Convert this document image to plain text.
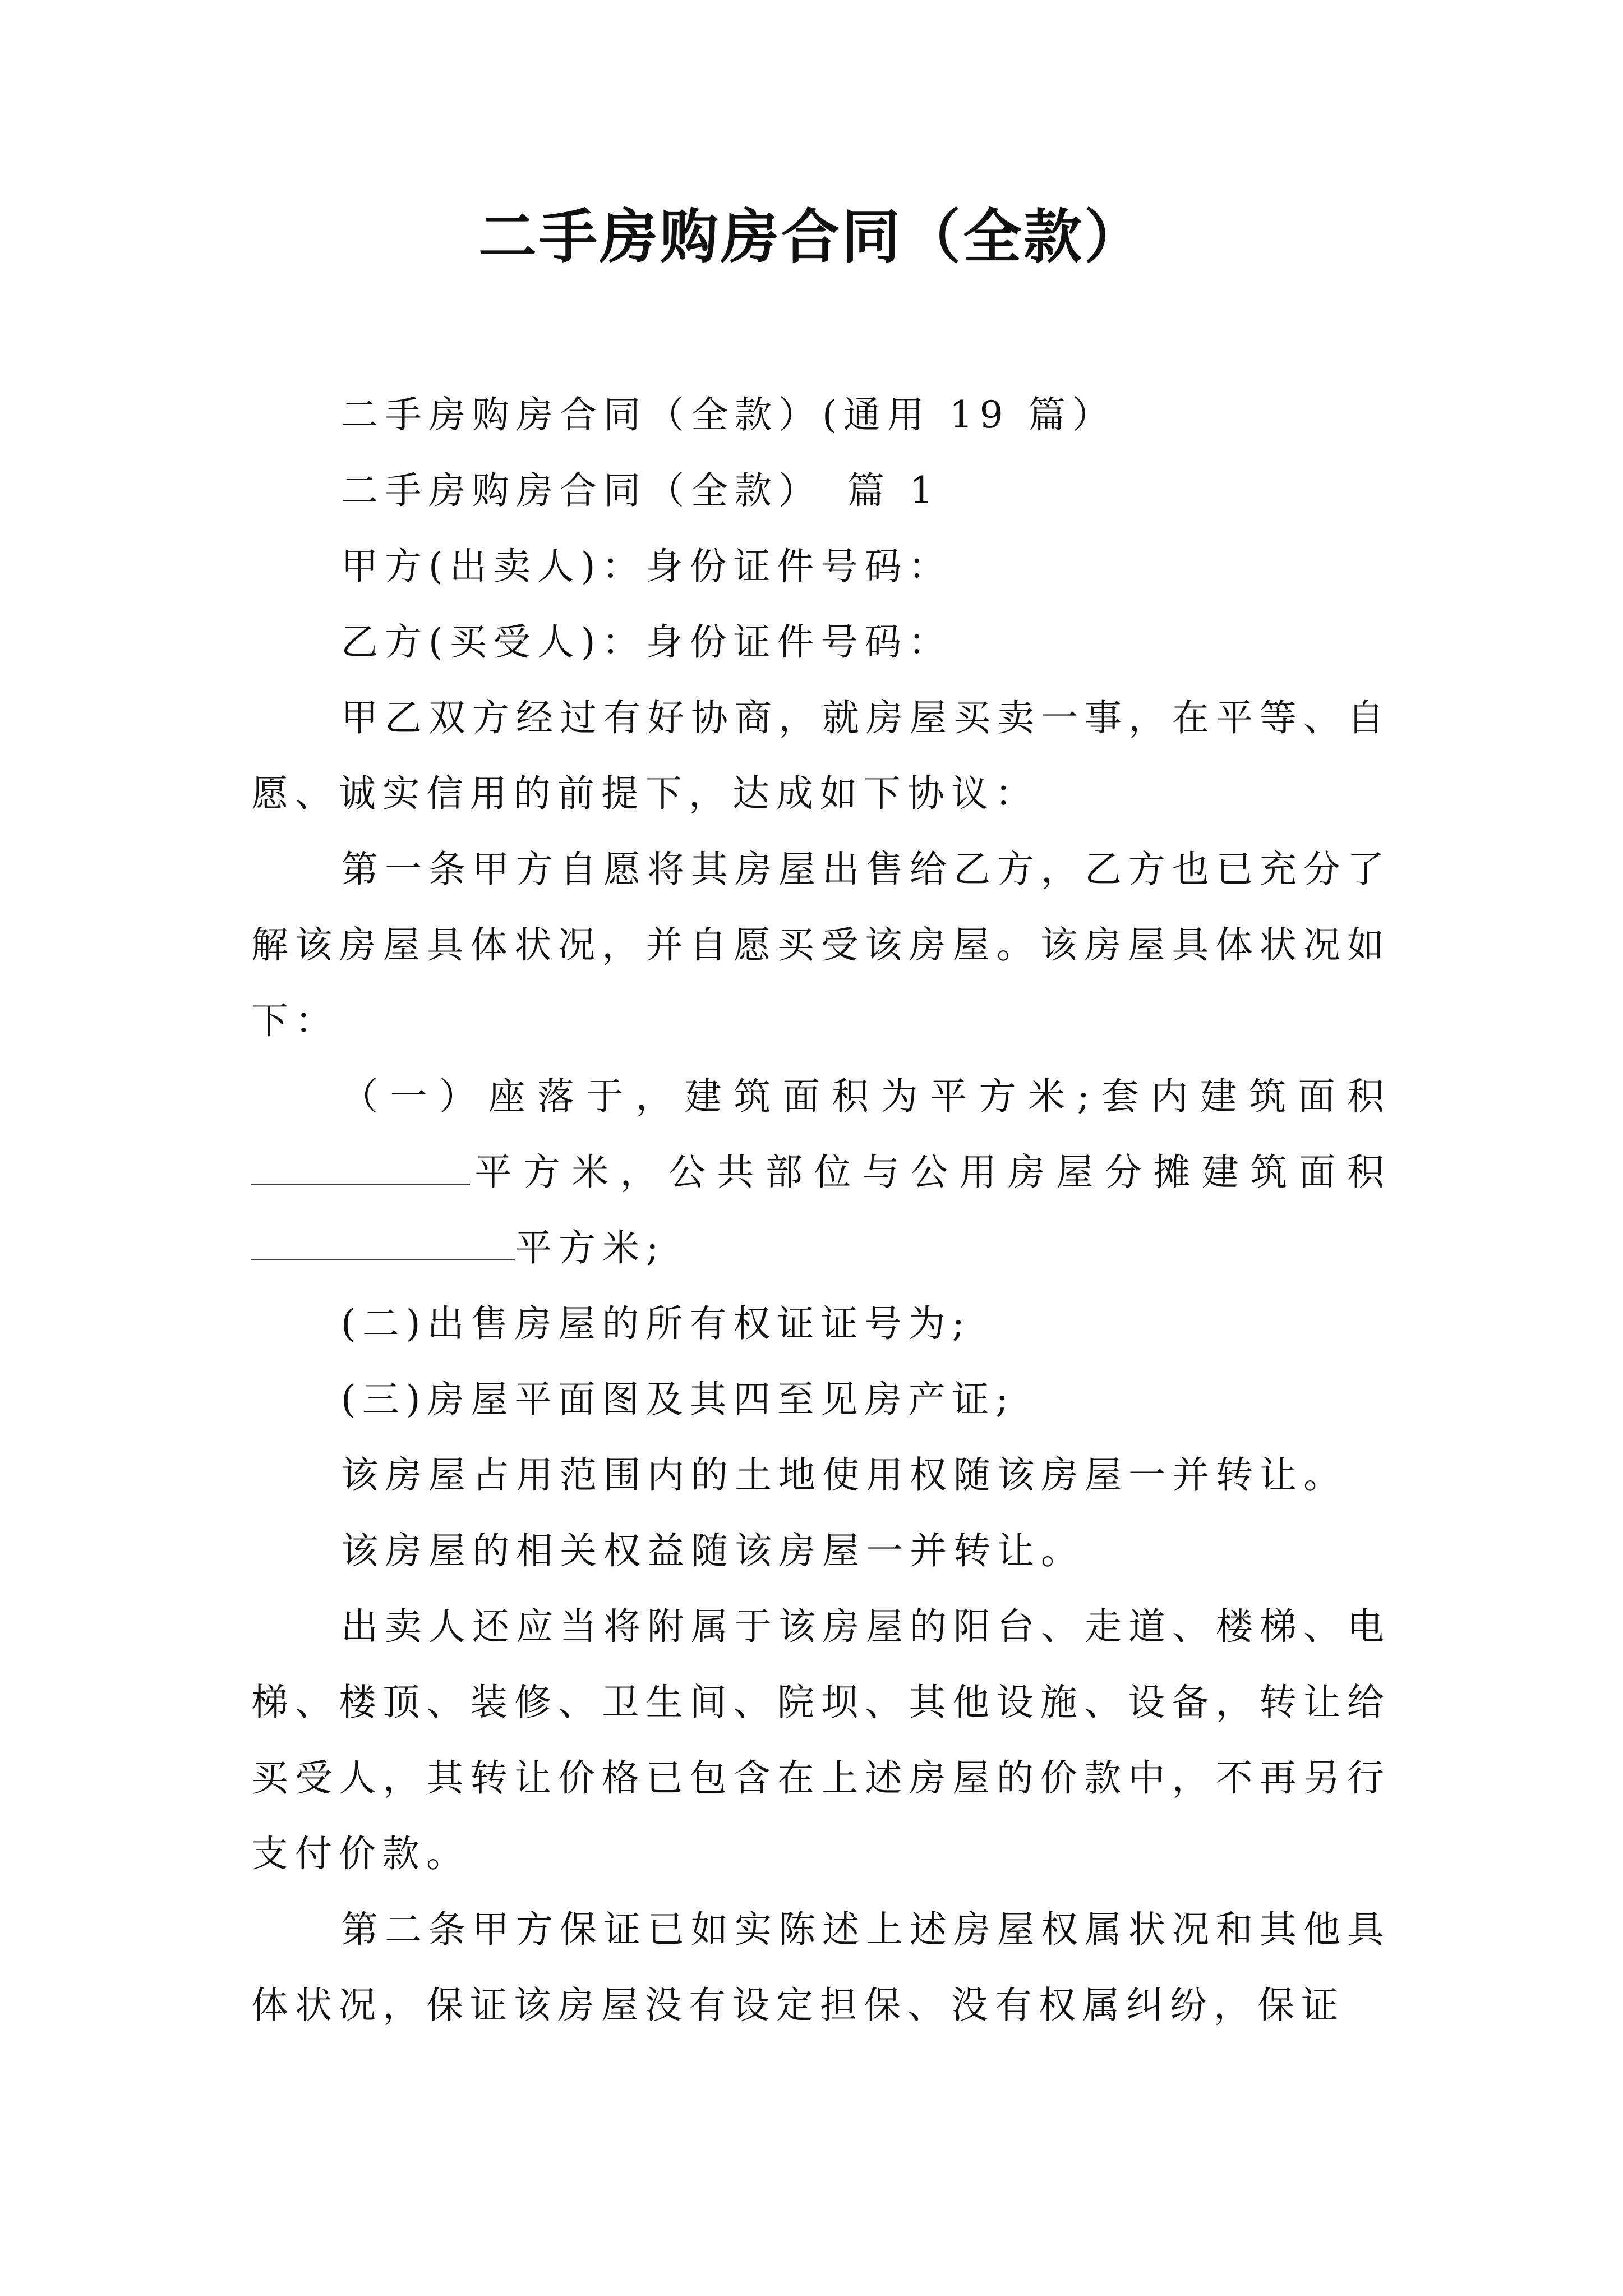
二手房购房合同（全款）

二手房购房合同（全款）(通用 19 篇）

二手房购房合同（全款）　篇 1

甲方(出卖人)：身份证件号码：

乙方(买受人)：身份证件号码：

甲乙双方经过有好协商，就房屋买卖一事，在平等、自愿、诚实信用的前提下，达成如下协议：

第一条甲方自愿将其房屋出售给乙方，乙方也已充分了解该房屋具体状况，并自愿买受该房屋。该房屋具体状况如下：

（一）座落于，建筑面积为平方米;套内建筑面积平方米，公共部位与公用房屋分摊建筑面积平方米;

(二)出售房屋的所有权证证号为;

(三)房屋平面图及其四至见房产证;

该房屋占用范围内的土地使用权随该房屋一并转让。

该房屋的相关权益随该房屋一并转让。

出卖人还应当将附属于该房屋的阳台、走道、楼梯、电梯、楼顶、装修、卫生间、院坝、其他设施、设备，转让给买受人，其转让价格已包含在上述房屋的价款中，不再另行支付价款。

第二条甲方保证已如实陈述上述房屋权属状况和其他具体状况，保证该房屋没有设定担保、没有权属纠纷，保证
